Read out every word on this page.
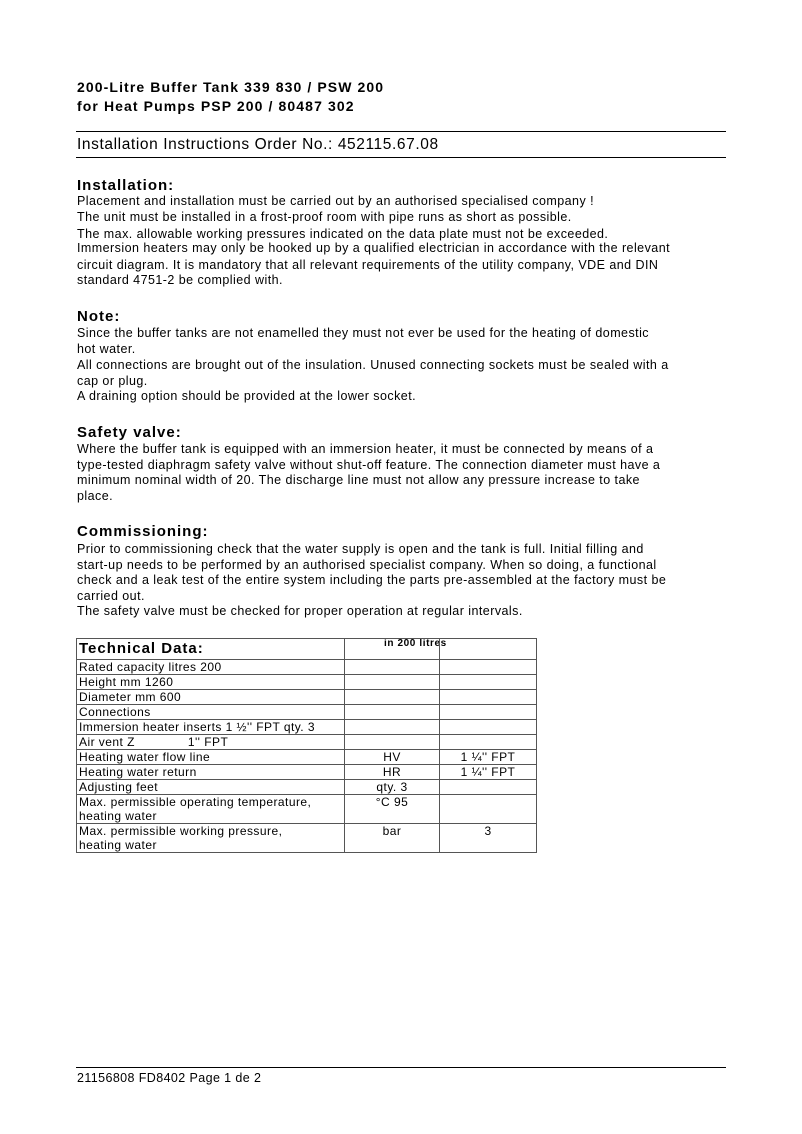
200-Litre Buffer Tank 339 830 / PSW 200
for Heat Pumps PSP 200 / 80487 302
Installation Instructions Order No.: 452115.67.08
Installation:
Placement and installation must be carried out by an authorised specialised company !
The unit must be installed in a frost-proof room with pipe runs as short as possible.
The max. allowable working pressures indicated on the data plate must not be exceeded.
Immersion heaters may only be hooked up by a qualified electrician in accordance with the relevant
circuit diagram. It is mandatory that all relevant requirements of the utility company, VDE and DIN
standard 4751-2 be complied with.
Note:
Since the buffer tanks are not enamelled they must not ever be used for the heating of domestic
hot water.
All connections are brought out of the insulation. Unused connecting sockets must be sealed with a
cap or plug.
A draining option should be provided at the lower socket.
Safety valve:
Where the buffer tank is equipped with an immersion heater, it must be connected by means of a
type-tested diaphragm safety valve without shut-off feature. The connection diameter must have a
minimum nominal width of 20. The discharge line must not allow any pressure increase to take
place.
Commissioning:
Prior to commissioning check that the water supply is open and the tank is full. Initial filling and
start-up needs to be performed by an authorised specialist company. When so doing, a functional
check and a leak test of the entire system including the parts pre-assembled at the factory must be
carried out.
The safety valve must be checked for proper operation at regular intervals.
in 200 litres
Technical Data:		
Rated capacity litres 200		
Height mm 1260		
Diameter mm 600		
Connections		
Immersion heater inserts 1 ½'' FPT qty. 3		
Air vent Z              1'' FPT		
Heating water flow line	HV	1 ¼'' FPT
Heating water return	HR	1 ¼'' FPT
Adjusting feet	qty. 3	
Max. permissible operating temperature,
heating water	°C 95	
Max. permissible working pressure,
heating water	bar	3
21156808 FD8402 Page 1 de 2
